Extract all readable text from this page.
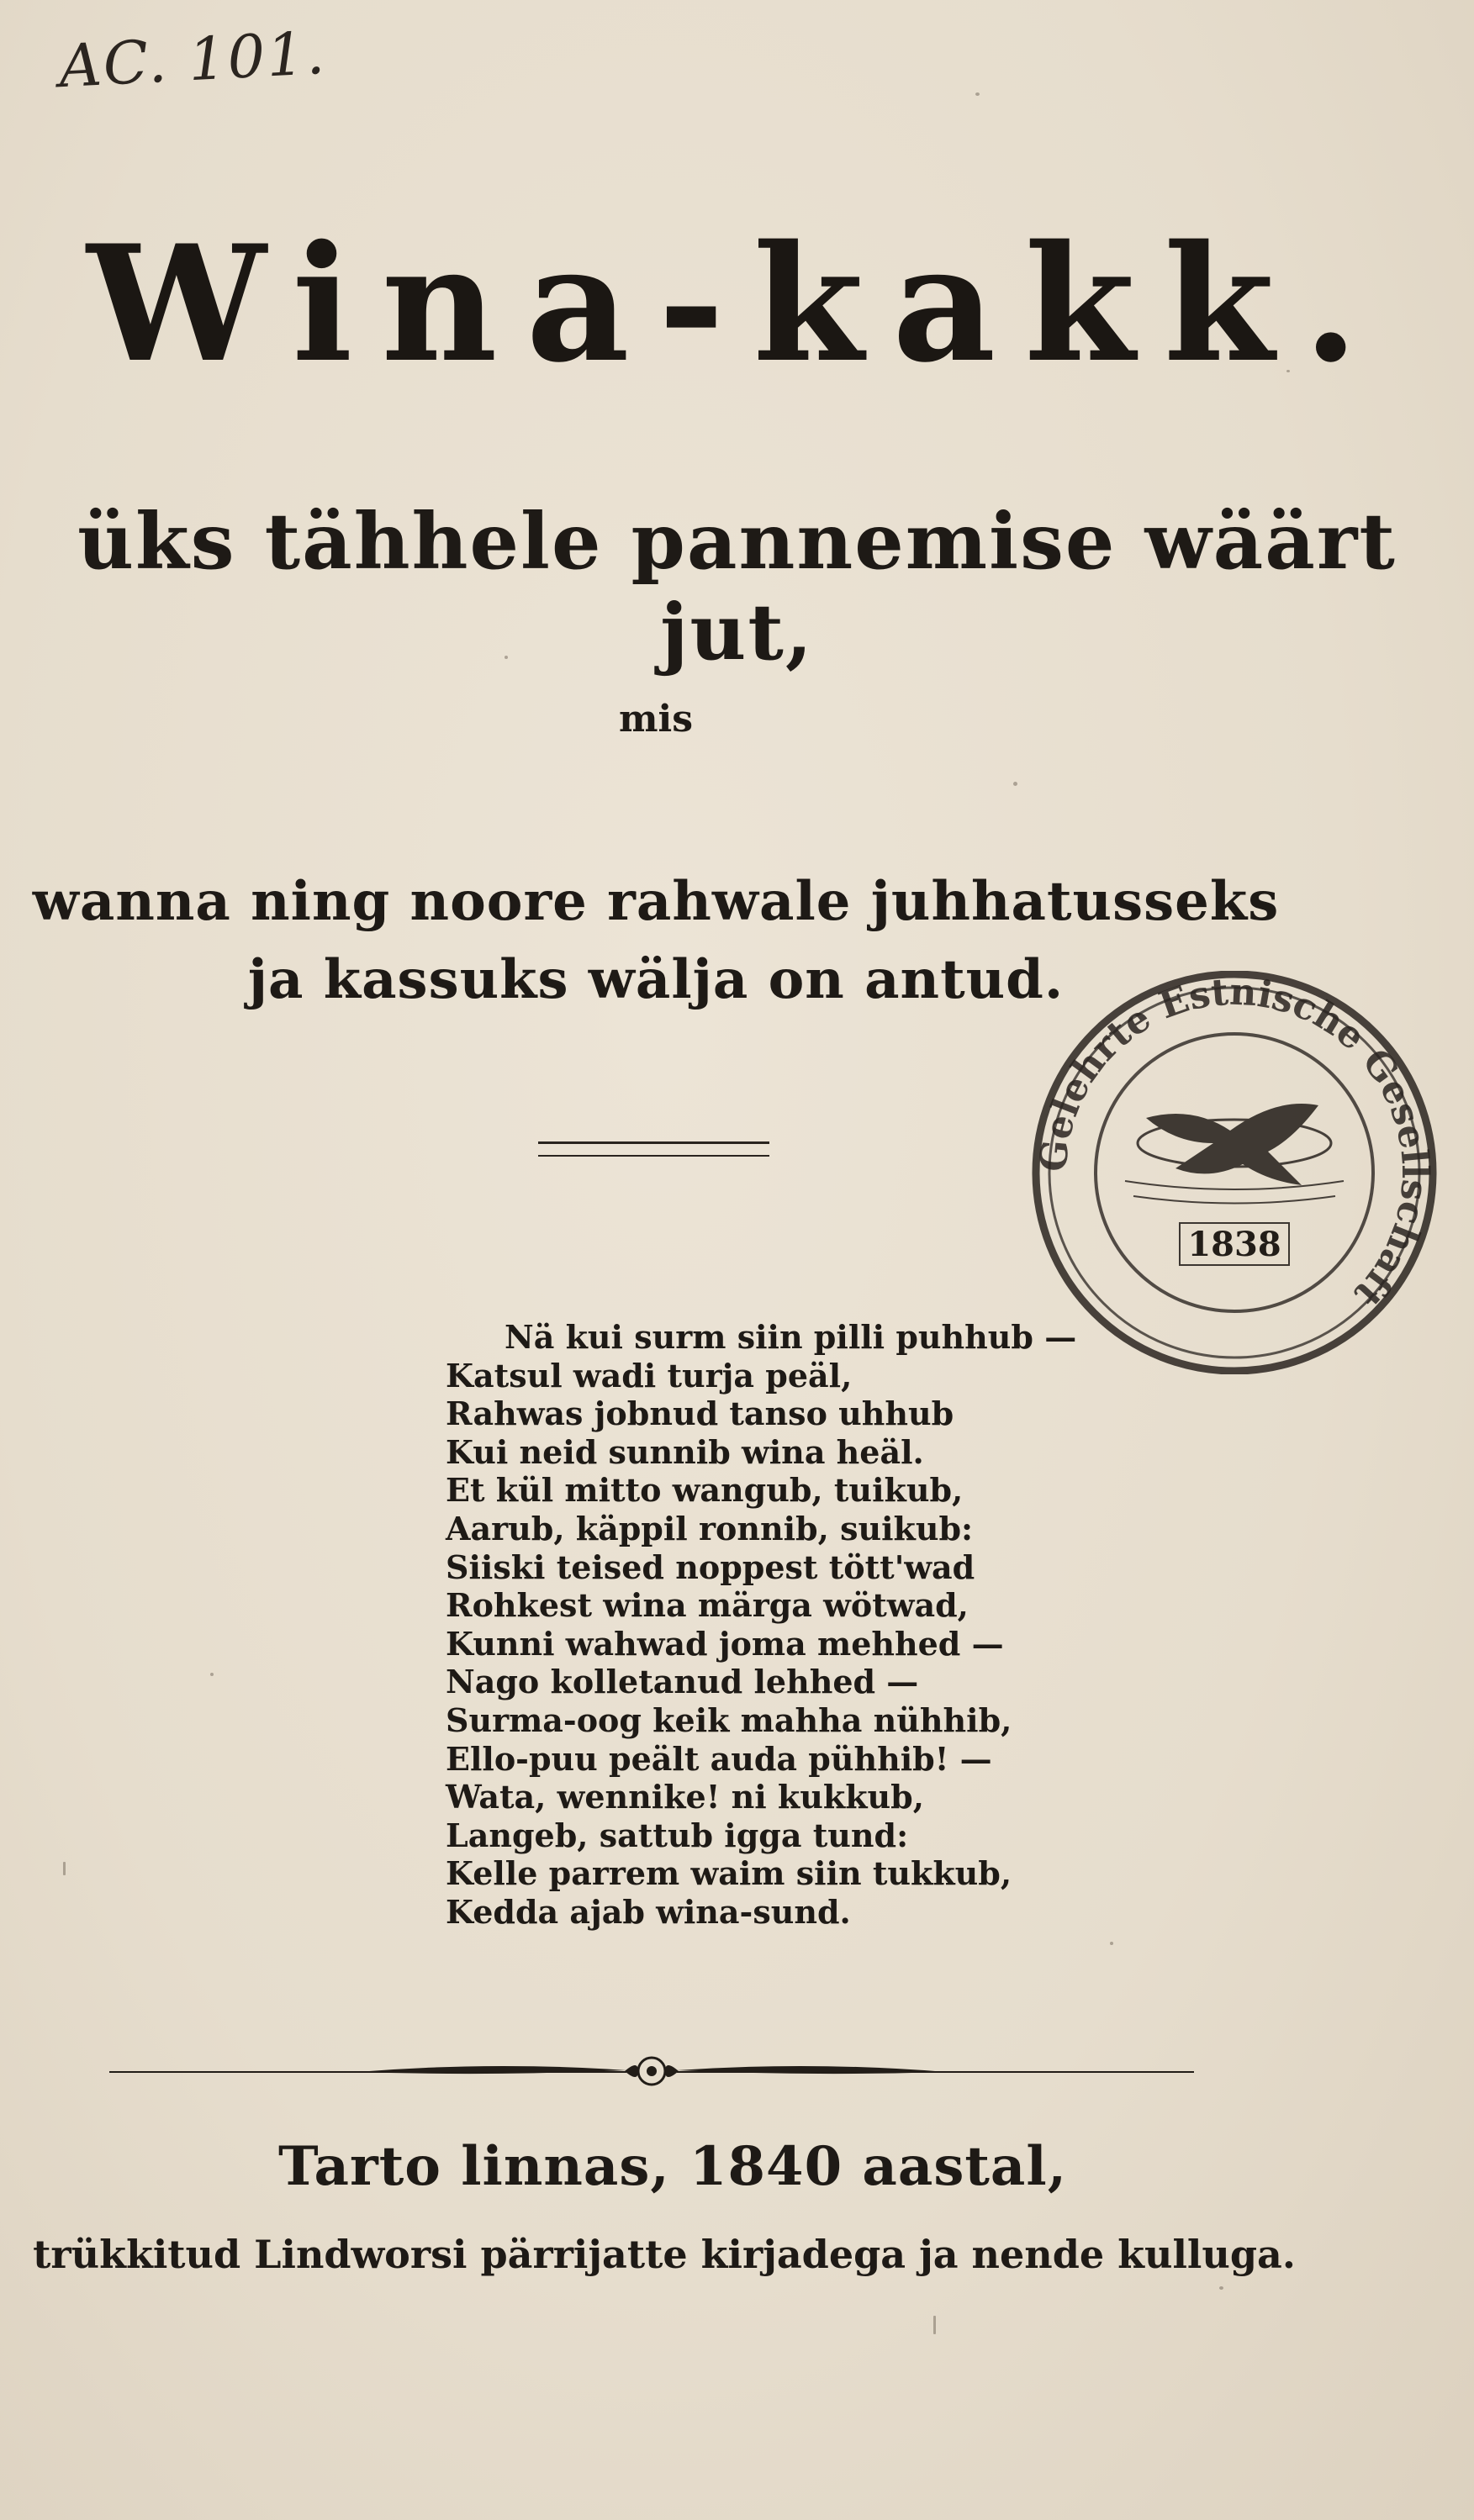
AC. 101.
Wina-kakk.
üks tähhele pannemise wäärt jut,
mis
wanna ning noore rahwale juhhatusseks
ja kassuks wälja on antud.
Nä kui surm siin pilli puhhub —
Katsul wadi turja peäl,
Rahwas jobnud tanso uhhub
Kui neid sunnib wina heäl.
Et kül mitto wangub, tuikub,
Aarub, käppil ronnib, suikub:
Siiski teised noppest tött'wad
Rohkest wina märga wötwad,
Kunni wahwad joma mehhed —
Nago kolletanud lehhed —
Surma-oog keik mahha nühhib,
Ello-puu peält auda pühhib! —
Wata, wennike! ni kukkub,
Langeb, sattub igga tund:
Kelle parrem waim siin tukkub,
Kedda ajab wina-sund.
Tarto linnas, 1840 aastal,
trükkitud Lindworsi pärrijatte kirjadega ja nende kulluga.
Gelehrte Estnische Gesellschaft
1838
